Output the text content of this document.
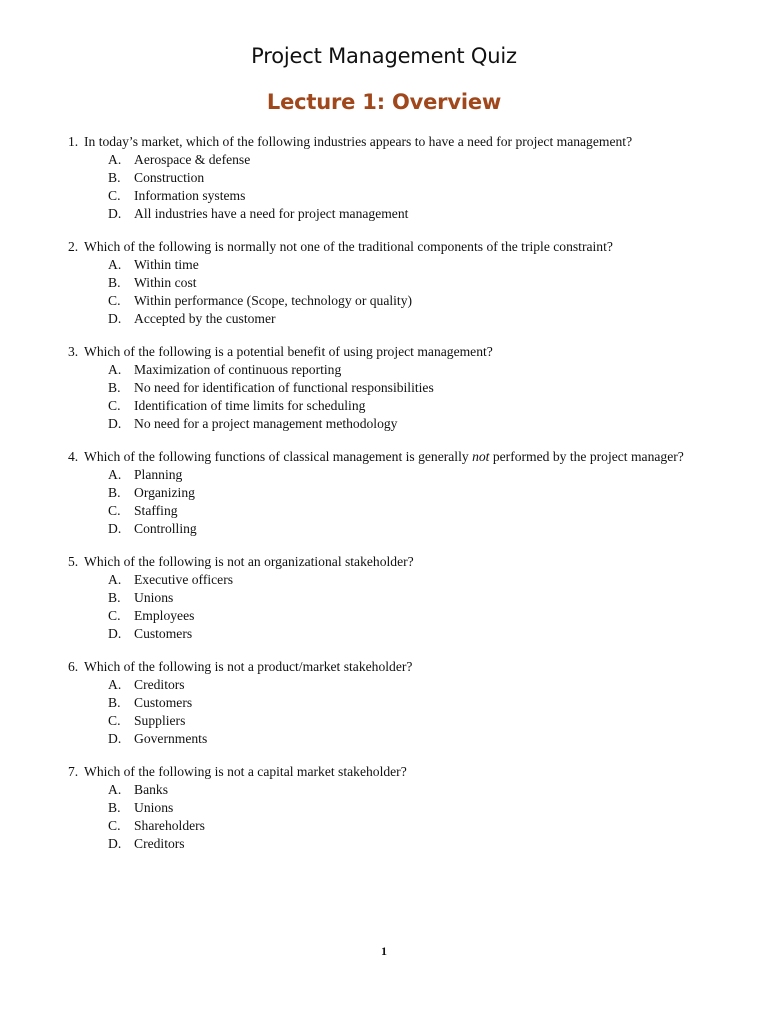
Project Management Quiz
Lecture 1: Overview
1. In today’s market, which of the following industries appears to have a need for project management?
A. Aerospace & defense
B. Construction
C. Information systems
D. All industries have a need for project management
2. Which of the following is normally not one of the traditional components of the triple constraint?
A. Within time
B. Within cost
C. Within performance (Scope, technology or quality)
D. Accepted by the customer
3. Which of the following is a potential benefit of using project management?
A. Maximization of continuous reporting
B. No need for identification of functional responsibilities
C. Identification of time limits for scheduling
D. No need for a project management methodology
4. Which of the following functions of classical management is generally not performed by the project manager?
A. Planning
B. Organizing
C. Staffing
D. Controlling
5. Which of the following is not an organizational stakeholder?
A. Executive officers
B. Unions
C. Employees
D. Customers
6. Which of the following is not a product/market stakeholder?
A. Creditors
B. Customers
C. Suppliers
D. Governments
7. Which of the following is not a capital market stakeholder?
A. Banks
B. Unions
C. Shareholders
D. Creditors
1
